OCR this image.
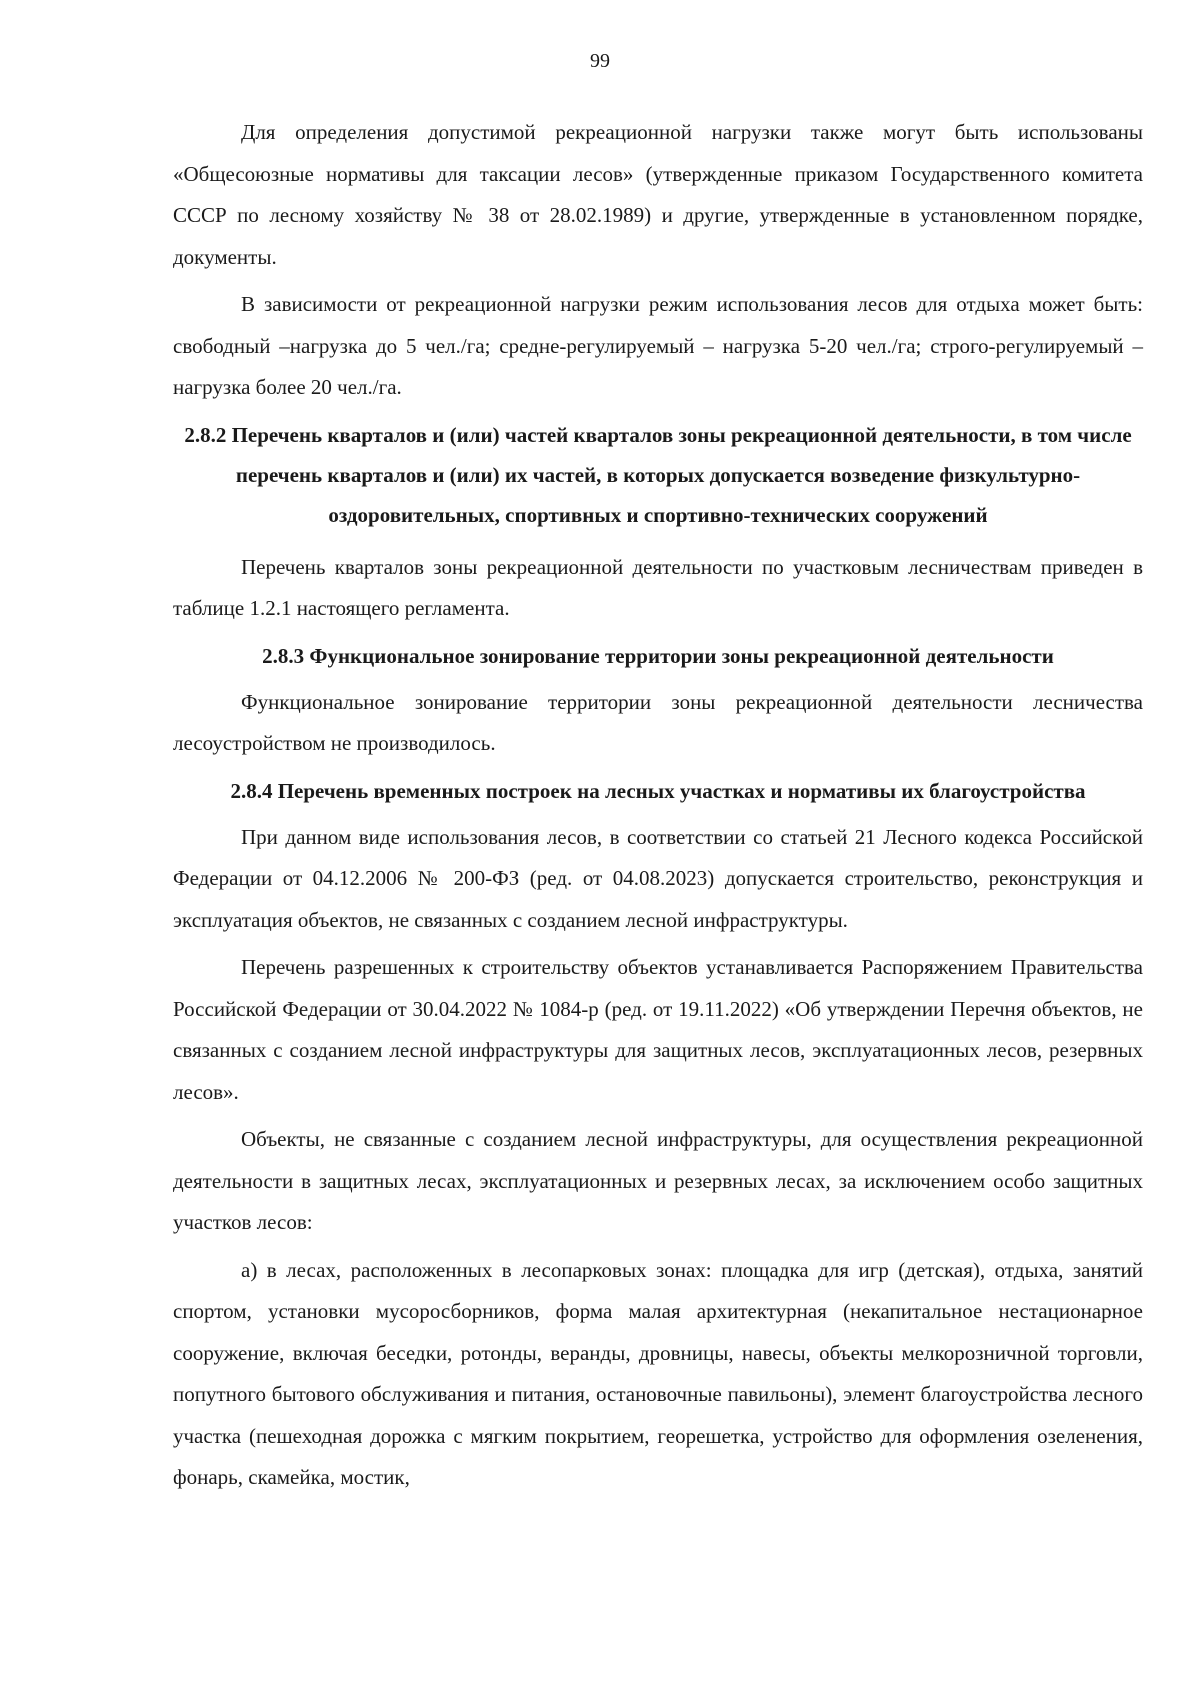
99

Для определения допустимой рекреационной нагрузки также могут быть использованы «Общесоюзные нормативы для таксации лесов» (утвержденные приказом Государственного комитета СССР по лесному хозяйству № 38 от 28.02.1989) и другие, утвержденные в установленном порядке, документы.

В зависимости от рекреационной нагрузки режим использования лесов для отдыха может быть: свободный –нагрузка до 5 чел./га; средне-регулируемый – нагрузка 5-20 чел./га; строго-регулируемый – нагрузка более 20 чел./га.

2.8.2 Перечень кварталов и (или) частей кварталов зоны рекреационной деятельности, в том числе перечень кварталов и (или) их частей, в которых допускается возведение физкультурно-оздоровительных, спортивных и спортивно-технических сооружений

Перечень кварталов зоны рекреационной деятельности по участковым лесничествам приведен в таблице 1.2.1 настоящего регламента.

2.8.3 Функциональное зонирование территории зоны рекреационной деятельности

Функциональное зонирование территории зоны рекреационной деятельности лесничества лесоустройством не производилось.

2.8.4 Перечень временных построек на лесных участках и нормативы их благоустройства

При данном виде использования лесов, в соответствии со статьей 21 Лесного кодекса Российской Федерации от 04.12.2006 № 200-ФЗ (ред. от 04.08.2023) допускается строительство, реконструкция и эксплуатация объектов, не связанных с созданием лесной инфраструктуры.

Перечень разрешенных к строительству объектов устанавливается Распоряжением Правительства Российской Федерации от 30.04.2022 № 1084-р (ред. от 19.11.2022) «Об утверждении Перечня объектов, не связанных с созданием лесной инфраструктуры для защитных лесов, эксплуатационных лесов, резервных лесов».

Объекты, не связанные с созданием лесной инфраструктуры, для осуществления рекреационной деятельности в защитных лесах, эксплуатационных и резервных лесах, за исключением особо защитных участков лесов:

а) в лесах, расположенных в лесопарковых зонах: площадка для игр (детская), отдыха, занятий спортом, установки мусоросборников, форма малая архитектурная (некапитальное нестационарное сооружение, включая беседки, ротонды, веранды, дровницы, навесы, объекты мелкорозничной торговли, попутного бытового обслуживания и питания, остановочные павильоны), элемент благоустройства лесного участка (пешеходная дорожка с мягким покрытием, георешетка, устройство для оформления озеленения, фонарь, скамейка, мостик,
